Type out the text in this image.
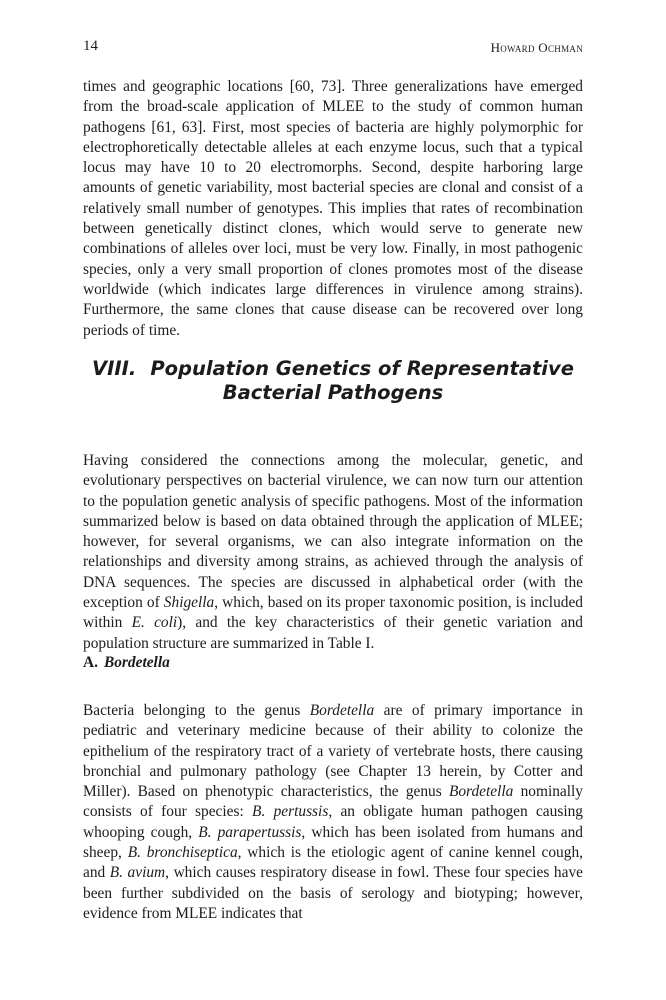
14	Howard Ochman

times and geographic locations [60, 73]. Three generalizations have emerged from the broad-scale application of MLEE to the study of common human pathogens [61, 63]. First, most species of bacteria are highly polymorphic for electrophoretically detectable alleles at each enzyme locus, such that a typical locus may have 10 to 20 electromorphs. Second, despite harboring large amounts of genetic variability, most bacterial species are clonal and consist of a relatively small number of genotypes. This implies that rates of recombination between genetically distinct clones, which would serve to generate new combinations of alleles over loci, must be very low. Finally, in most pathogenic species, only a very small proportion of clones promotes most of the disease worldwide (which indicates large differences in virulence among strains). Furthermore, the same clones that cause disease can be recovered over long periods of time.

VIII. Population Genetics of Representative
Bacterial Pathogens

Having considered the connections among the molecular, genetic, and evolutionary perspectives on bacterial virulence, we can now turn our attention to the population genetic analysis of specific pathogens. Most of the information summarized below is based on data obtained through the application of MLEE; however, for several organisms, we can also integrate information on the relationships and diversity among strains, as achieved through the analysis of DNA sequences. The species are discussed in alphabetical order (with the exception of Shigella, which, based on its proper taxonomic position, is included within E. coli), and the key characteristics of their genetic variation and population structure are summarized in Table I.

A. Bordetella

Bacteria belonging to the genus Bordetella are of primary importance in pediatric and veterinary medicine because of their ability to colonize the epithelium of the respiratory tract of a variety of vertebrate hosts, there causing bronchial and pulmonary pathology (see Chapter 13 herein, by Cotter and Miller). Based on phenotypic characteristics, the genus Bordetella nominally consists of four species: B. pertussis, an obligate human pathogen causing whooping cough, B. parapertussis, which has been isolated from humans and sheep, B. bronchiseptica, which is the etiologic agent of canine kennel cough, and B. avium, which causes respiratory disease in fowl. These four species have been further subdivided on the basis of serology and biotyping; however, evidence from MLEE indicates that
